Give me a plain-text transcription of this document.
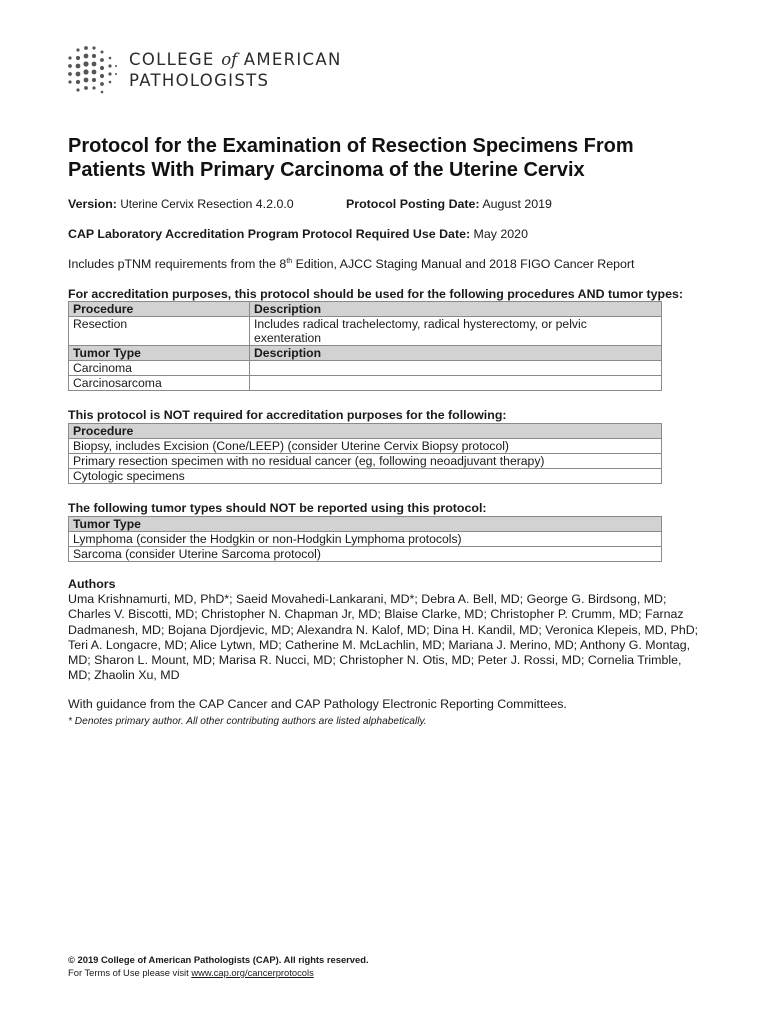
COLLEGE of AMERICAN
PATHOLOGISTS
Protocol for the Examination of Resection Specimens From Patients With Primary Carcinoma of the Uterine Cervix
Version: Uterine Cervix Resection 4.2.0.0	Protocol Posting Date: August 2019
CAP Laboratory Accreditation Program Protocol Required Use Date: May 2020
Includes pTNM requirements from the 8th Edition, AJCC Staging Manual and 2018 FIGO Cancer Report
For accreditation purposes, this protocol should be used for the following procedures AND tumor types:
Procedure	Description
Resection	Includes radical trachelectomy, radical hysterectomy, or pelvic exenteration
Tumor Type	Description
Carcinoma	
Carcinosarcoma	
This protocol is NOT required for accreditation purposes for the following:
Procedure
Biopsy, includes Excision (Cone/LEEP) (consider Uterine Cervix Biopsy protocol)
Primary resection specimen with no residual cancer (eg, following neoadjuvant therapy)
Cytologic specimens
The following tumor types should NOT be reported using this protocol:
Tumor Type
Lymphoma (consider the Hodgkin or non-Hodgkin Lymphoma protocols)
Sarcoma (consider Uterine Sarcoma protocol)
Authors
Uma Krishnamurti, MD, PhD*; Saeid Movahedi-Lankarani, MD*; Debra A. Bell, MD; George G. Birdsong, MD; Charles V. Biscotti, MD; Christopher N. Chapman Jr, MD; Blaise Clarke, MD; Christopher P. Crumm, MD; Farnaz Dadmanesh, MD; Bojana Djordjevic, MD; Alexandra N. Kalof, MD; Dina H. Kandil, MD; Veronica Klepeis, MD, PhD; Teri A. Longacre, MD; Alice Lytwn, MD; Catherine M. McLachlin, MD; Mariana J. Merino, MD; Anthony G. Montag, MD; Sharon L. Mount, MD; Marisa R. Nucci, MD; Christopher N. Otis, MD; Peter J. Rossi, MD; Cornelia Trimble, MD; Zhaolin Xu, MD
With guidance from the CAP Cancer and CAP Pathology Electronic Reporting Committees.
* Denotes primary author. All other contributing authors are listed alphabetically.
© 2019 College of American Pathologists (CAP). All rights reserved.
For Terms of Use please visit www.cap.org/cancerprotocols
